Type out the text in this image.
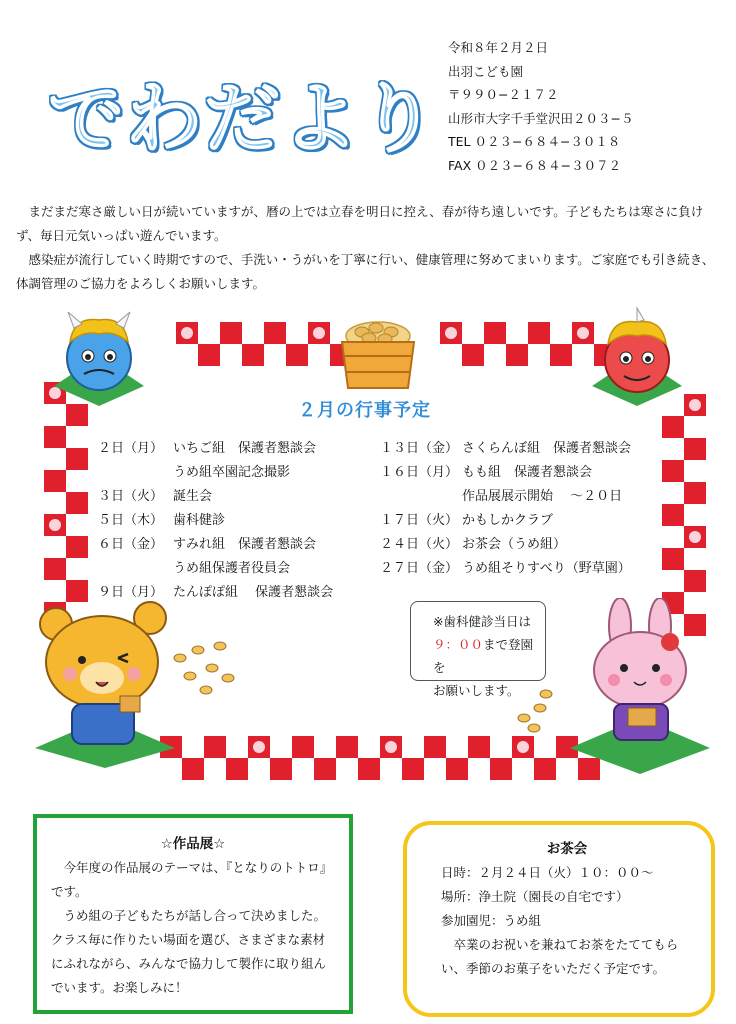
でわだより
令和８年２月２日
出羽こども園
〒９９０−２１７２
山形市大字千手堂沢田２０３−５
TEL ０２３−６８４−３０１８
FAX ０２３−６８４−３０７２

まだまだ寒さ厳しい日が続いていますが、暦の上では立春を明日に控え、春が待ち遠しいです。子どもたちは寒さに負けず、毎日元気いっぱい遊んでいます。

感染症が流行していく時期ですので、手洗い・うがいを丁寧に行い、健康管理に努めてまいります。ご家庭でも引き続き、体調管理のご協力をよろしくお願いします。

２月の行事予定
２日（月） いちご組　保護者懇談会
うめ組卒園記念撮影
３日（火） 誕生会
５日（木） 歯科健診
６日（金） すみれ組　保護者懇談会
うめ組保護者役員会
９日（月） たんぽぽ組　 保護者懇談会
１３日（金） さくらんぼ組　保護者懇談会
１６日（月） もも組　保護者懇談会
作品展展示開始　 〜２０日
１７日（火） かもしかクラブ
２４日（火） お茶会（うめ組）
２７日（金） うめ組そりすべり（野草園）
※歯科健診当日は
９：００まで登園を
お願いします。
☆作品展☆

今年度の作品展のテーマは、『となりのトトロ』です。

うめ組の子どもたちが話し合って決めました。クラス毎に作りたい場面を選び、さまざまな素材にふれながら、みんなで協力して製作に取り組んでいます。お楽しみに！

お茶会
日時：２月２４日（火）１０：００〜
場所：浄土院（園長の自宅です）
参加園児：うめ組

卒業のお祝いを兼ねてお茶をたててもらい、季節のお菓子をいただく予定です。
